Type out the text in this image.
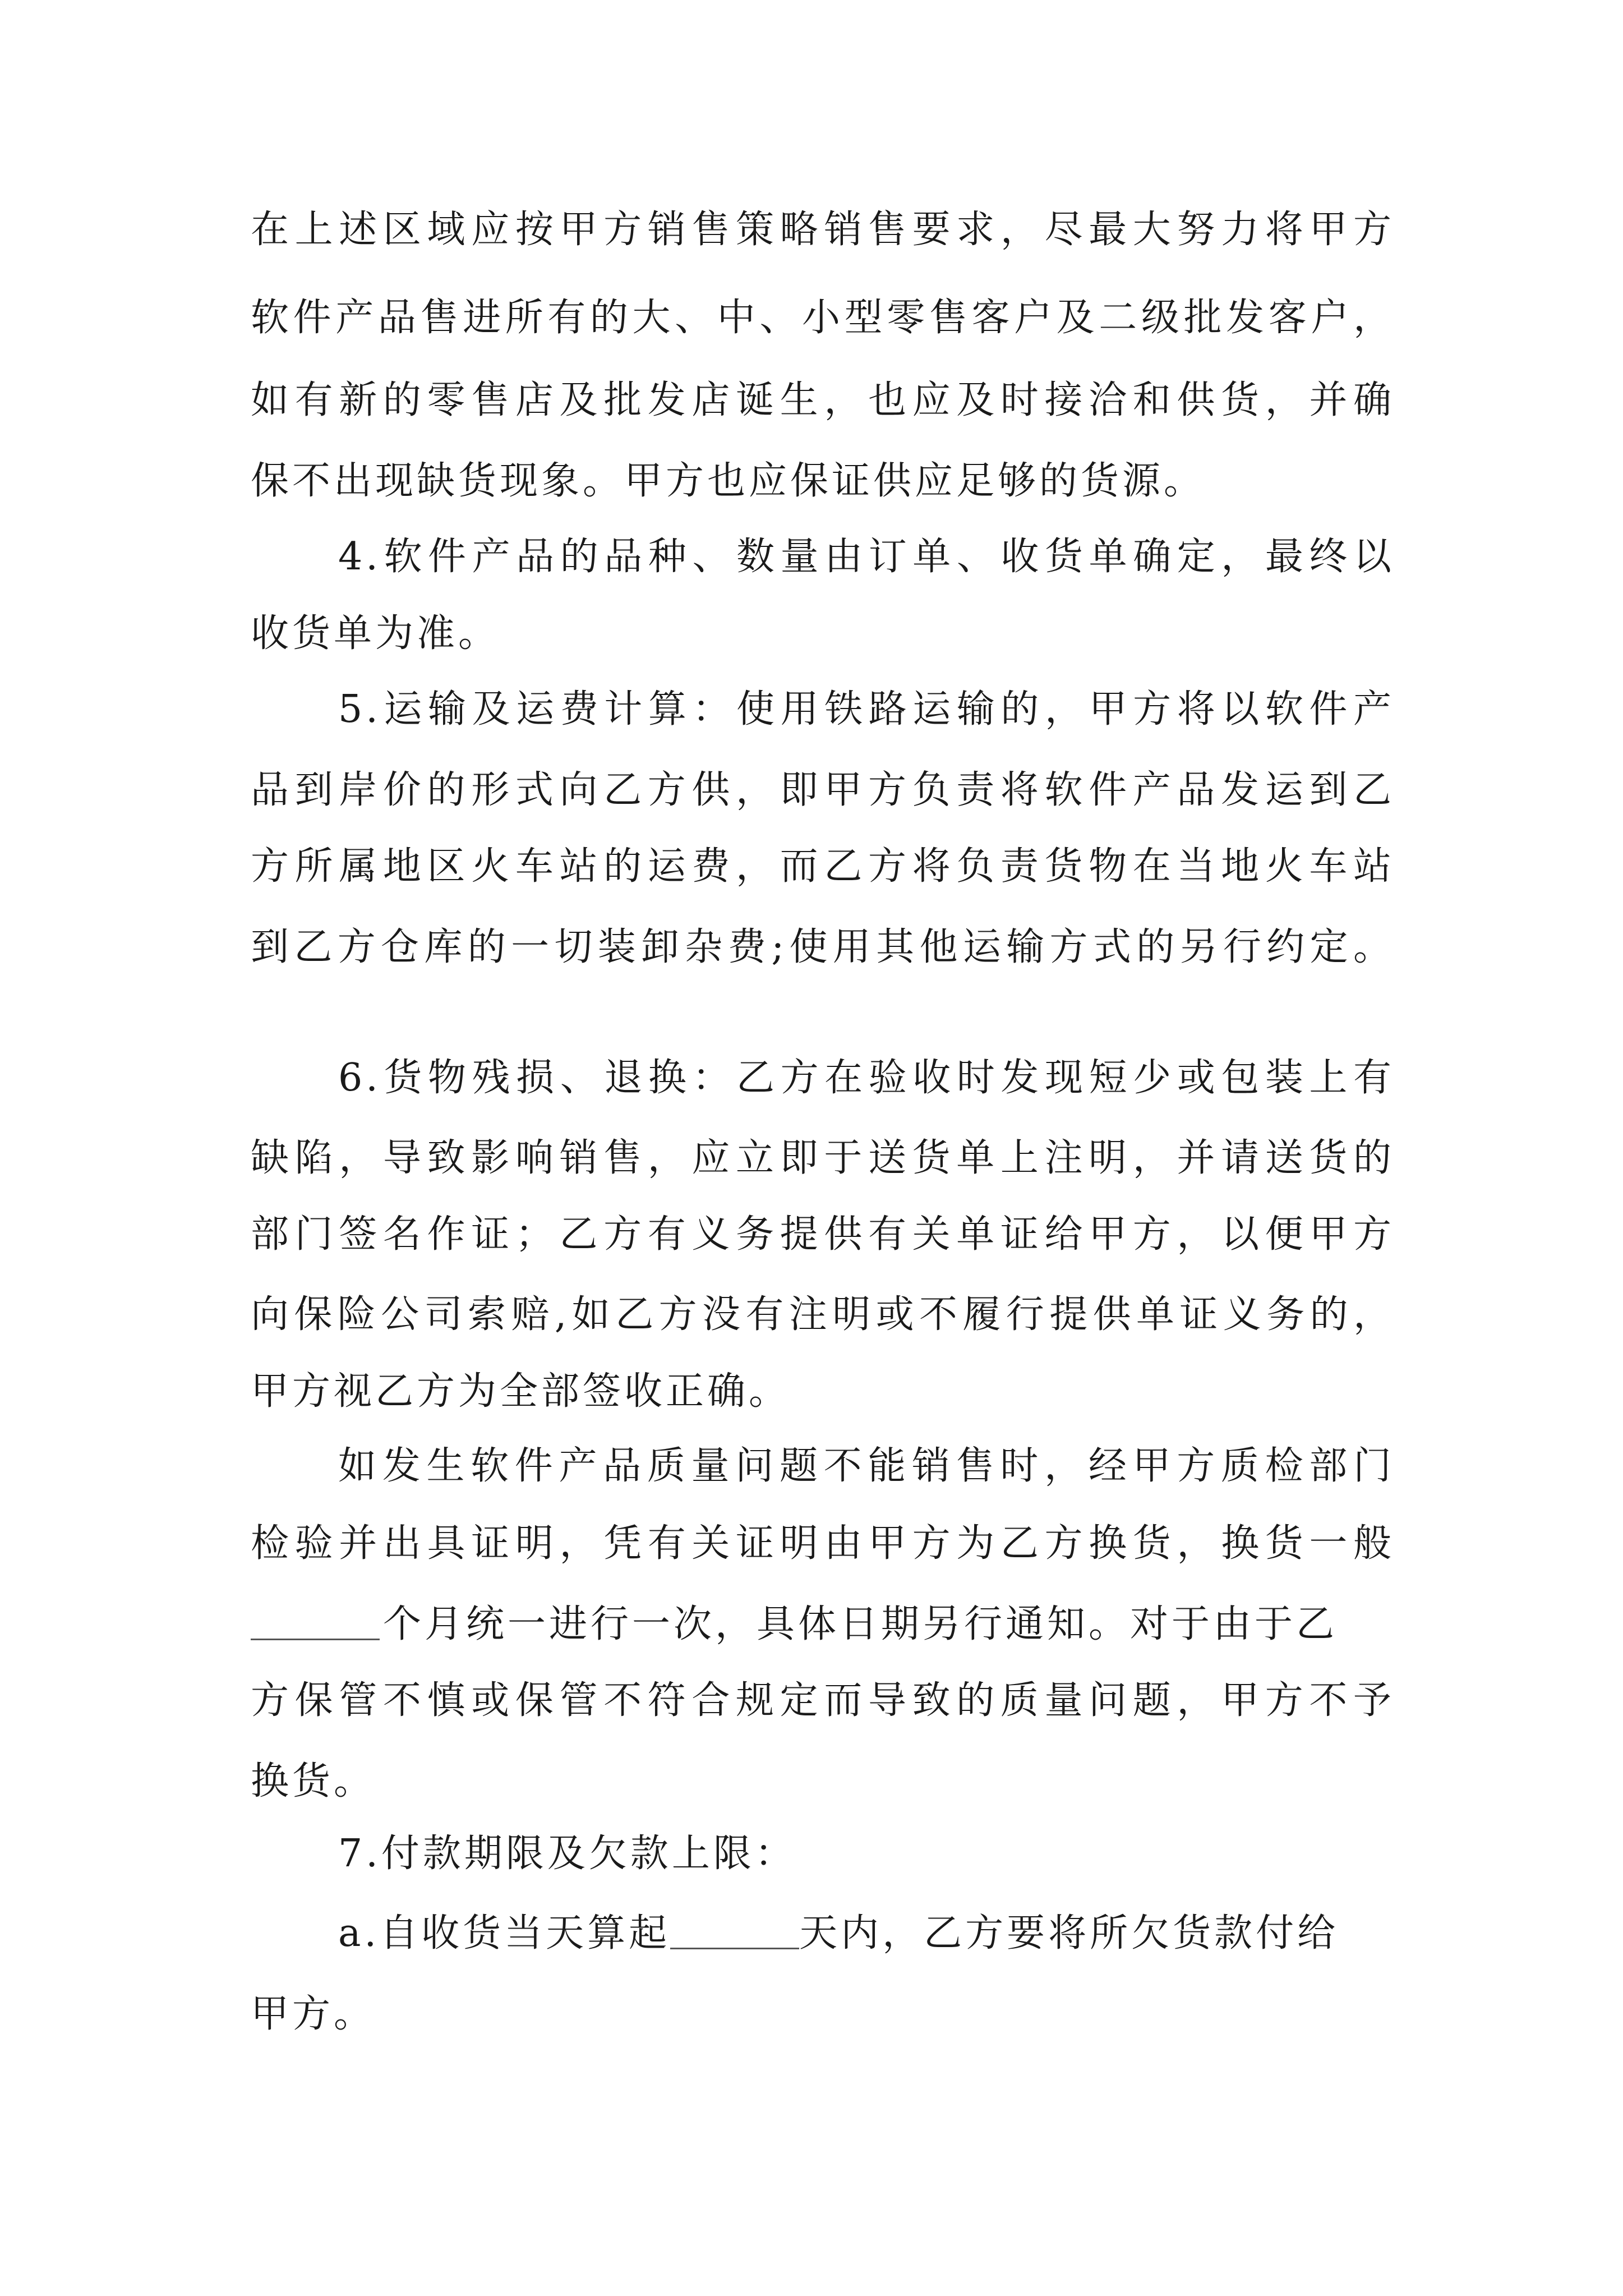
在上述区域应按甲方销售策略销售要求，尽最大努力将甲方
软件产品售进所有的大、中、小型零售客户及二级批发客户，
如有新的零售店及批发店诞生，也应及时接洽和供货，并确
保不出现缺货现象。甲方也应保证供应足够的货源。
4.软件产品的品种、数量由订单、收货单确定，最终以
收货单为准。
5.运输及运费计算：使用铁路运输的，甲方将以软件产
品到岸价的形式向乙方供，即甲方负责将软件产品发运到乙
方所属地区火车站的运费，而乙方将负责货物在当地火车站
到乙方仓库的一切装卸杂费;使用其他运输方式的另行约定。
6.货物残损、退换：乙方在验收时发现短少或包装上有
缺陷，导致影响销售，应立即于送货单上注明，并请送货的
部门签名作证；乙方有义务提供有关单证给甲方，以便甲方
向保险公司索赔,如乙方没有注明或不履行提供单证义务的，
甲方视乙方为全部签收正确。
如发生软件产品质量问题不能销售时，经甲方质检部门
检验并出具证明，凭有关证明由甲方为乙方换货，换货一般
个月统一进行一次，具体日期另行通知。对于由于乙
方保管不慎或保管不符合规定而导致的质量问题，甲方不予
换货。
7.付款期限及欠款上限：
a.自收货当天算起	天内，乙方要将所欠货款付给
甲方。
